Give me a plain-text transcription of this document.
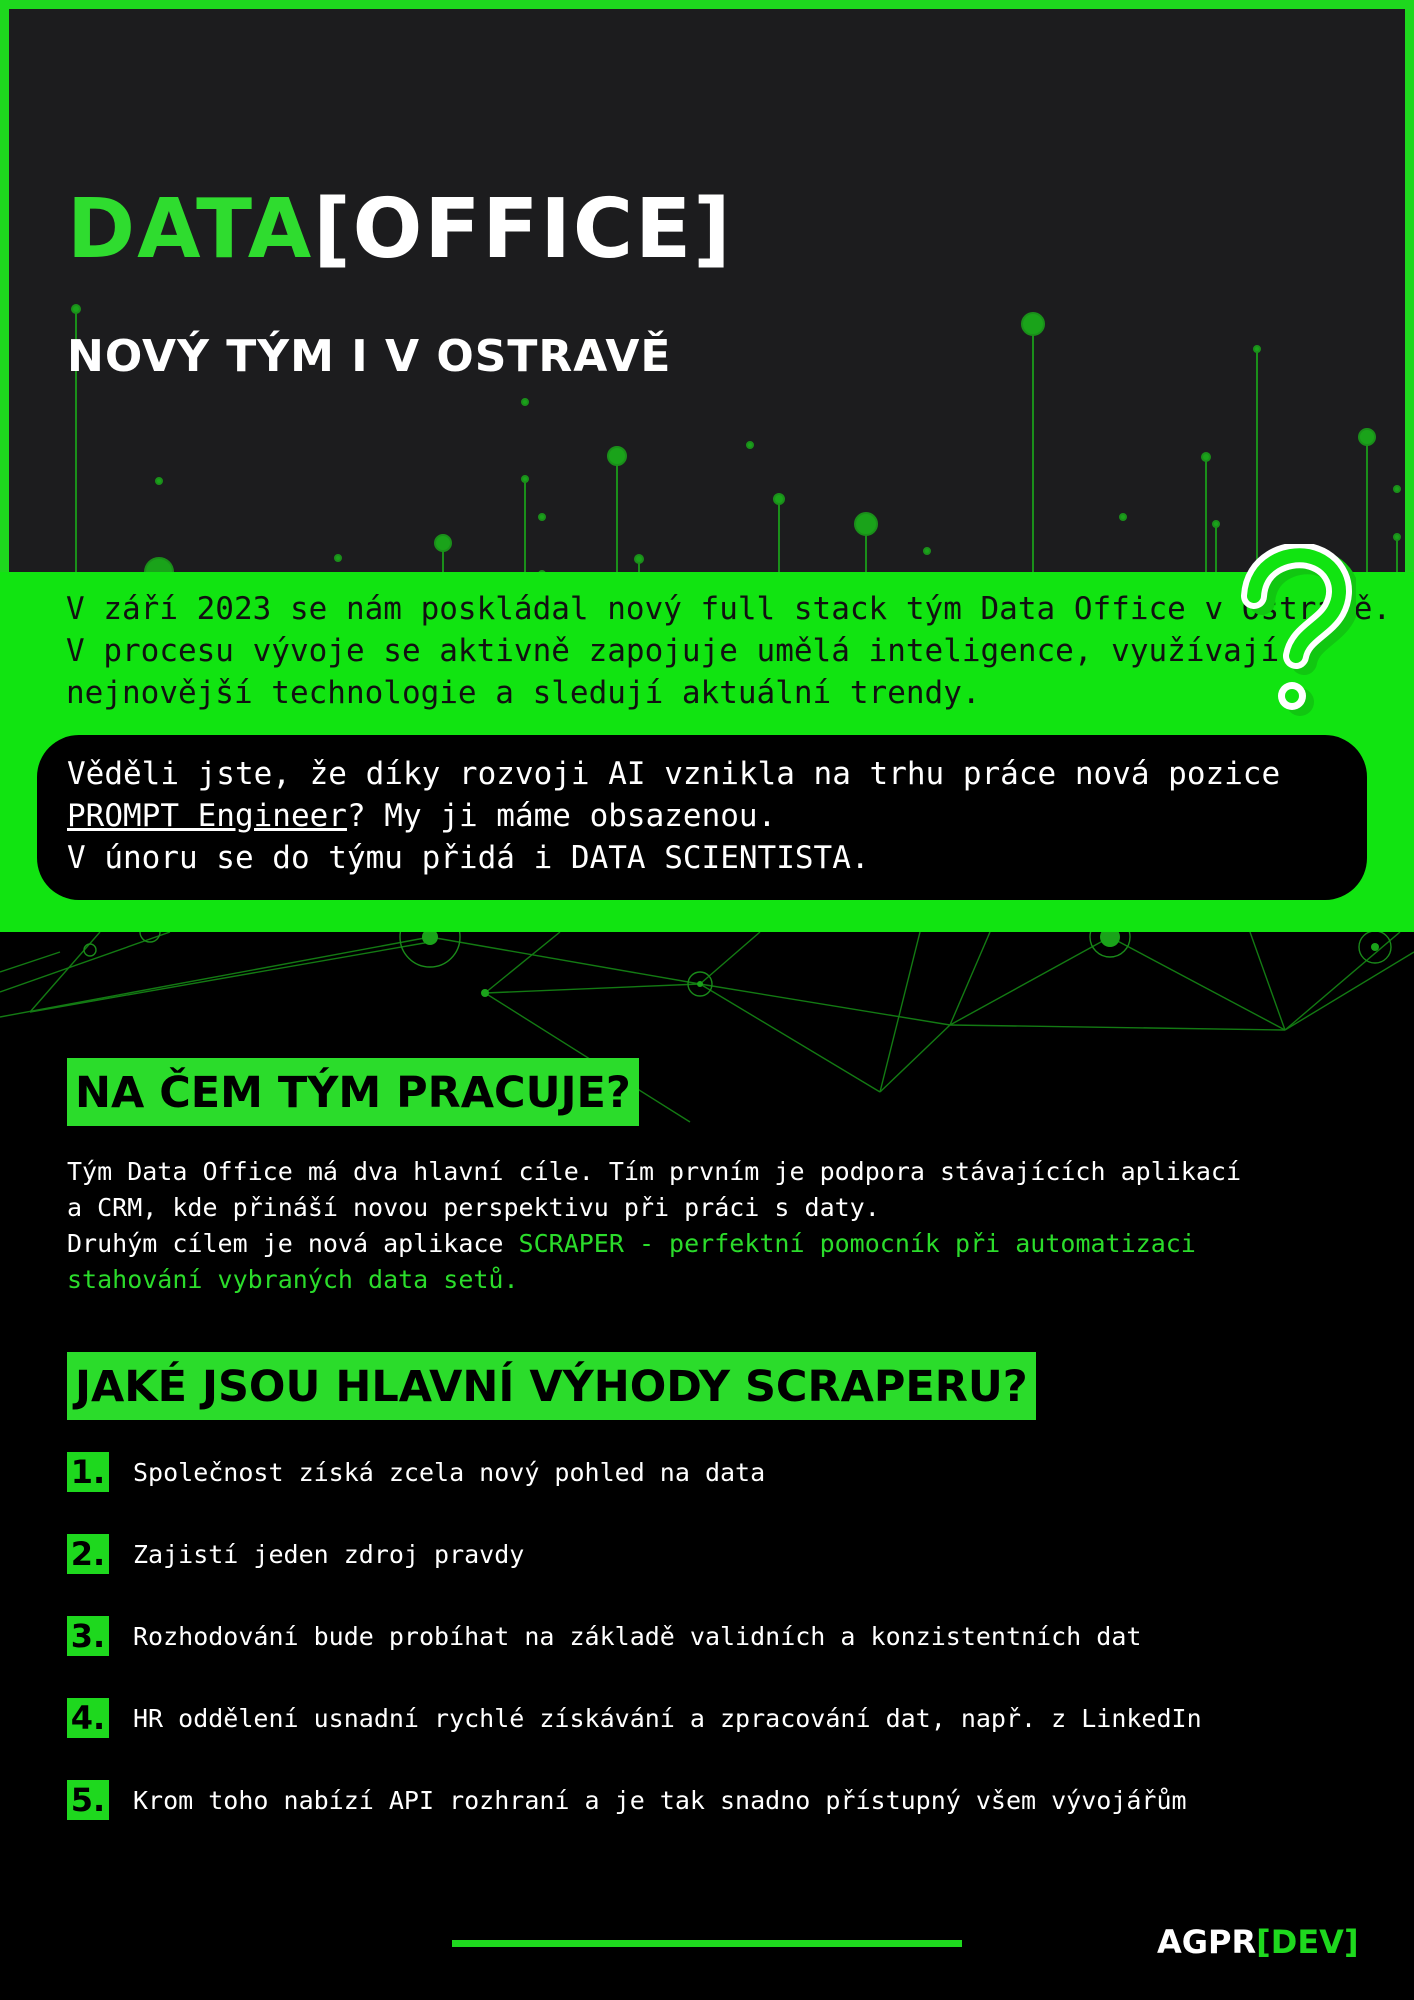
DATA[OFFICE]
NOVÝ TÝM I V OSTRAVĚ
V září 2023 se nám poskládal nový full stack tým Data Office v Ostravě.
V procesu vývoje se aktivně zapojuje umělá inteligence, využívají
nejnovější technologie a sledují aktuální trendy.
Věděli jste, že díky rozvoji AI vznikla na trhu práce nová pozice
PROMPT Engineer? My ji máme obsazenou.
V únoru se do týmu přidá i DATA SCIENTISTA.
NA ČEM TÝM PRACUJE?
Tým Data Office má dva hlavní cíle. Tím prvním je podpora stávajících aplikací
a CRM, kde přináší novou perspektivu při práci s daty.
Druhým cílem je nová aplikace SCRAPER - perfektní pomocník při automatizaci
stahování vybraných data setů.
JAKÉ JSOU HLAVNÍ VÝHODY SCRAPERU?
1. Společnost získá zcela nový pohled na data
2. Zajistí jeden zdroj pravdy
3. Rozhodování bude probíhat na základě validních a konzistentních dat
4. HR oddělení usnadní rychlé získávání a zpracování dat, např. z LinkedIn
5. Krom toho nabízí API rozhraní a je tak snadno přístupný všem vývojářům
AGPR[DEV]
